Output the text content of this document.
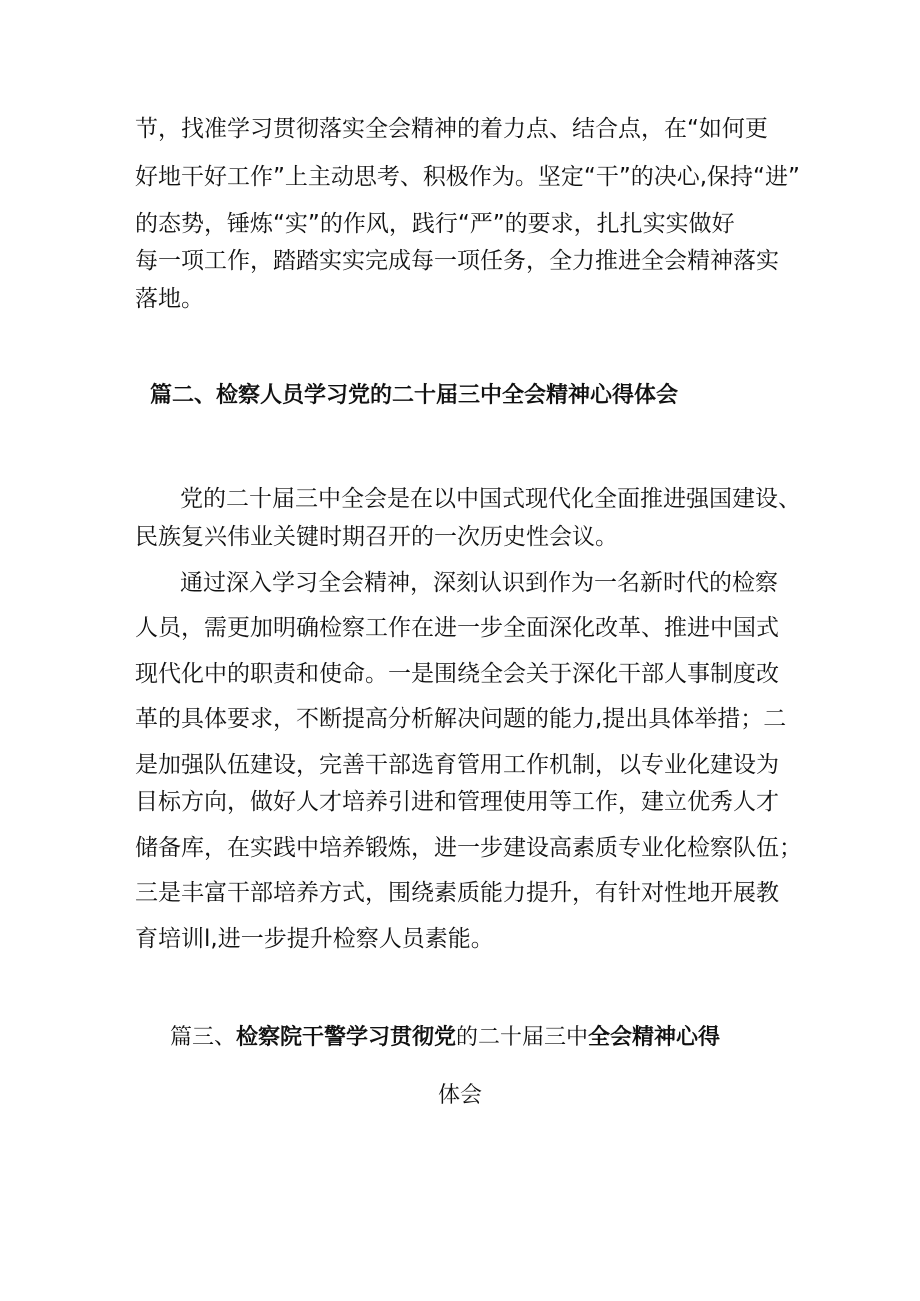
节，找准学习贯彻落实全会精神的着力点、结合点，在“如何更
好地干好工作”上主动思考、积极作为。坚定“干”的决心,保持“进”
的态势，锤炼“实”的作风，践行“严”的要求，扎扎实实做好
每一项工作，踏踏实实完成每一项任务，全力推进全会精神落实
落地。
篇二、检察人员学习党的二十届三中全会精神心得体会
党的二十届三中全会是在以中国式现代化全面推进强国建设、
民族复兴伟业关键时期召开的一次历史性会议。
通过深入学习全会精神，深刻认识到作为一名新时代的检察
人员，需更加明确检察工作在进一步全面深化改革、推进中国式
现代化中的职责和使命。一是围绕全会关于深化干部人事制度改
革的具体要求，不断提高分析解决问题的能力,提出具体举措；二
是加强队伍建设，完善干部选育管用工作机制，以专业化建设为
目标方向，做好人才培养引进和管理使用等工作，建立优秀人才
储备库，在实践中培养锻炼，进一步建设高素质专业化检察队伍；
三是丰富干部培养方式，围绕素质能力提升，有针对性地开展教
育培训l,进一步提升检察人员素能。
篇三、检察院干警学习贯彻党的二十届三中全会精神心得
体会
